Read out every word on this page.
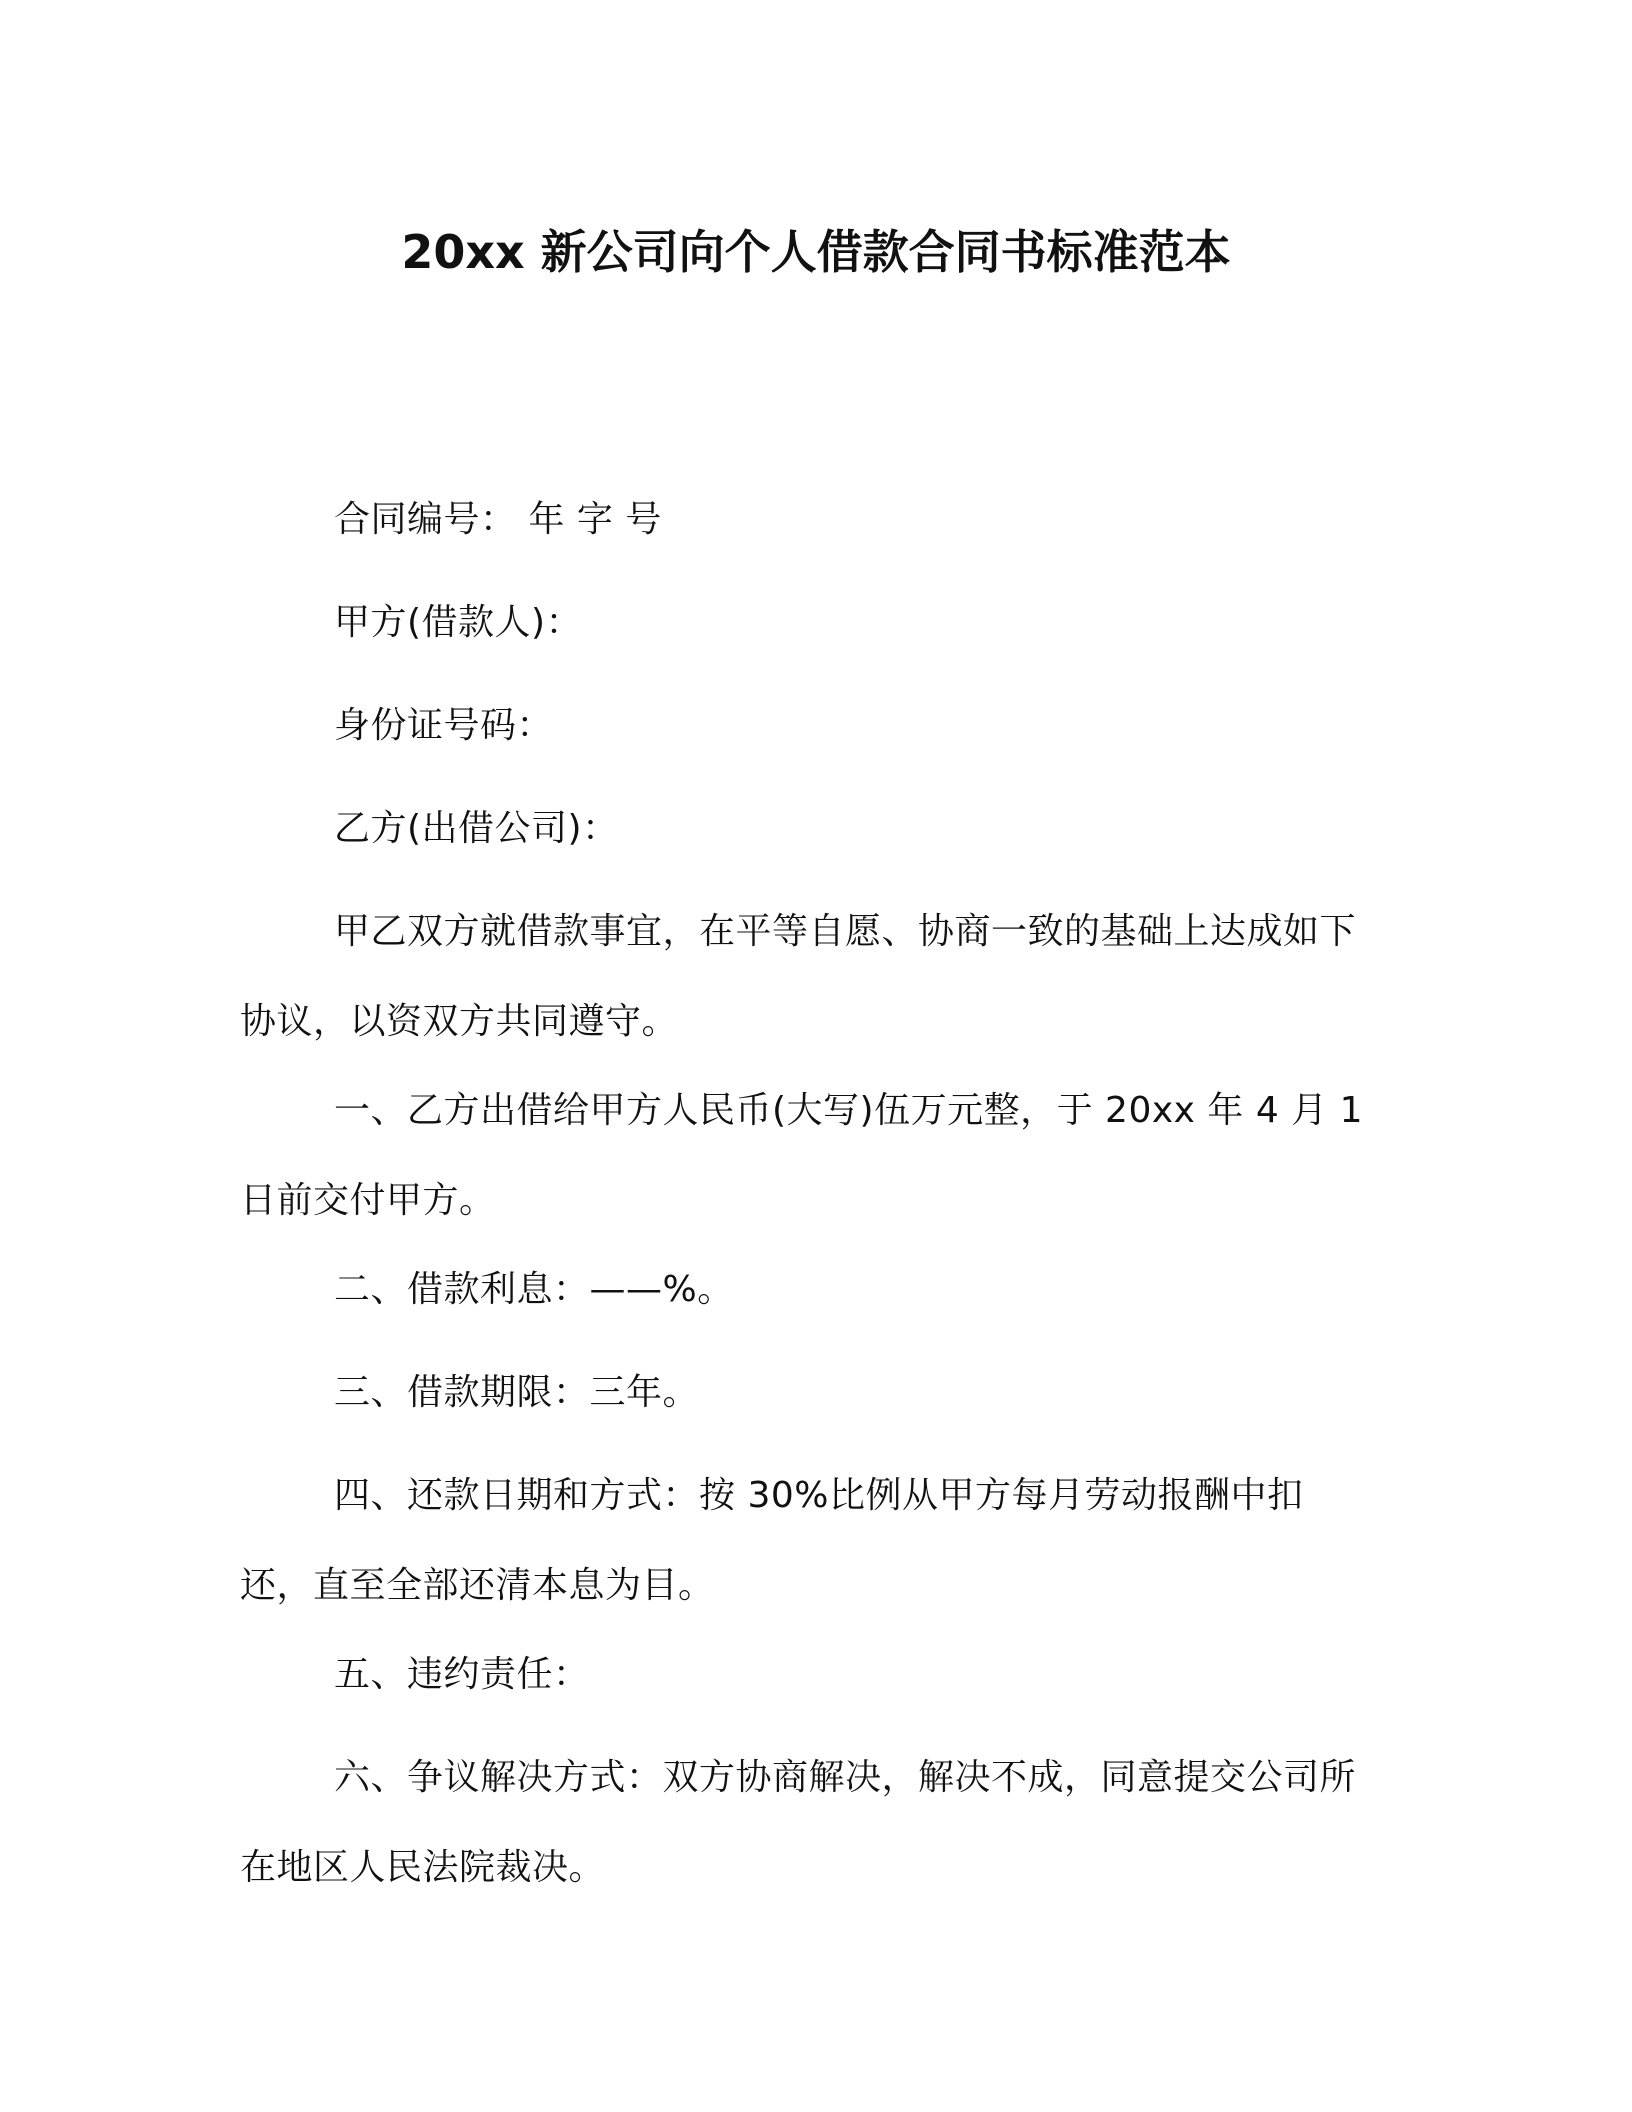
20xx 新公司向个人借款合同书标准范本
合同编号： 年 字 号
甲方(借款人)：
身份证号码：
乙方(出借公司)：
甲乙双方就借款事宜，在平等自愿、协商一致的基础上达成如下协议，以资双方共同遵守。
一、乙方出借给甲方人民币(大写)伍万元整，于 20xx 年 4 月 1 日前交付甲方。
二、借款利息：——%。
三、借款期限：三年。
四、还款日期和方式：按 30%比例从甲方每月劳动报酬中扣还，直至全部还清本息为目。
五、违约责任：
六、争议解决方式：双方协商解决，解决不成，同意提交公司所在地区人民法院裁决。
